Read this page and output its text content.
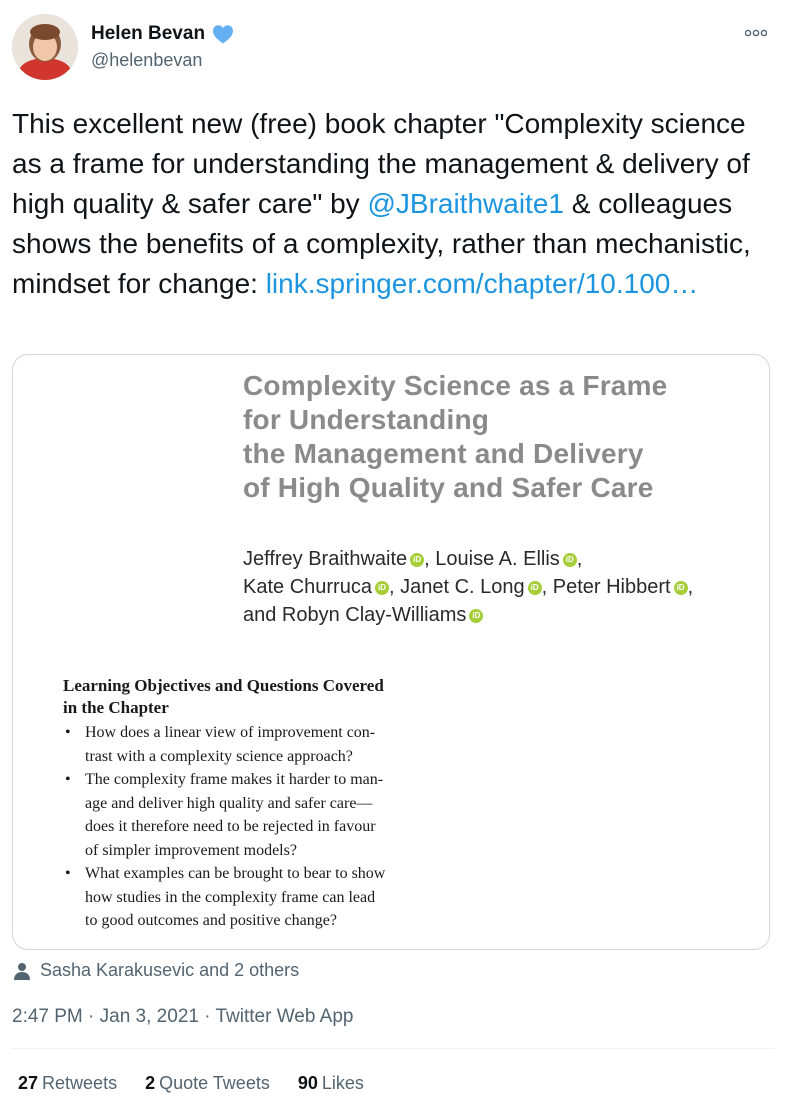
Helen Bevan
@helenbevan
This excellent new (free) book chapter "Complexity science as a frame for understanding the management & delivery of high quality & safer care" by @JBraithwaite1 & colleagues shows the benefits of a complexity, rather than mechanistic, mindset for change: link.springer.com/chapter/10.100…
Complexity Science as a Frame
for Understanding
the Management and Delivery
of High Quality and Safer Care
Jeffrey Braithwaite iD , Louise A. Ellis iD ,
Kate Churruca iD , Janet C. Long iD , Peter Hibbert iD ,
and Robyn Clay-WilliamsiD
Learning Objectives and Questions Covered
in the Chapter
• How does a linear view of improvement con-
trast with a complexity science approach?
• The complexity frame makes it harder to man-
age and deliver high quality and safer care—
does it therefore need to be rejected in favour
of simpler improvement models?
• What examples can be brought to bear to show
how studies in the complexity frame can lead
to good outcomes and positive change?
Sasha Karakusevic and 2 others
2:47 PM · Jan 3, 2021 · Twitter Web App
27 Retweets 2 Quote Tweets 90 Likes
